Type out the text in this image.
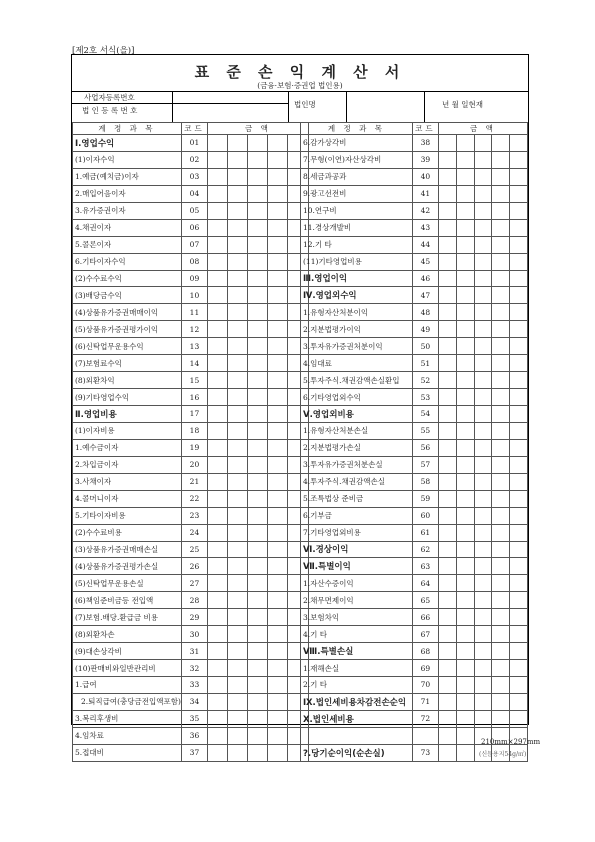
[제2호 서식(을)]
표 준 손 익 계 산 서
(금융·보험·증권업 법인용)
사업자등록번호
법 인 등 록 번 호
법인명	년 월 일현재
계 정 과 목	코드	금 액				
Ⅰ.영업수익	01					
(1)이자수익	02					
1.예금(예치금)이자	03					
2.매입어음이자	04					
3.유가증권이자	05					
4.채권이자	06					
5.콜론이자	07					
6.기타이자수익	08					
(2)수수료수익	09					
(3)배당금수익	10					
(4)상품유가증권매매이익	11					
(5)상품유가증권평가이익	12					
(6)신탁업무운용수익	13					
(7)보험료수익	14					
(8)외환차익	15					
(9)기타영업수익	16					
Ⅱ.영업비용	17					
(1)이자비용	18					
1.예수금이자	19					
2.차입금이자	20					
3.사채이자	21					
4.콜머니이자	22					
5.기타이자비용	23					
(2)수수료비용	24					
(3)상품유가증권매매손실	25					
(4)상품유가증권평가손실	26					
(5)신탁업무운용손실	27					
(6)책임준비금등 전입액	28					
(7)보험.배당.환급금 비용	29					
(8)외환차손	30					
(9)대손상각비	31					
(10)판매비와일반관리비	32					
1.급여	33					
2.퇴직급여(충당금전입액포함)	34					
3.복리후생비	35					
4.임차료	36					
5.접대비	37					
계 정 과 목	코드	금 액				
6.감가상각비	38					
7.무형(이연)자산상각비	39					
8.세금과공과	40					
9.광고선전비	41					
10.연구비	42					
11.경상개발비	43					
12.기 타	44					
(11)기타영업비용	45					
Ⅲ.영업이익	46					
Ⅳ.영업외수익	47					
1.유형자산처분이익	48					
2.지분법평가이익	49					
3.투자유가증권처분이익	50					
4.임대료	51					
5.투자주식.채권감액손실환입	52					
6.기타영업외수익	53					
Ⅴ.영업외비용	54					
1.유형자산처분손실	55					
2.지분법평가손실	56					
3.투자유가증권처분손실	57					
4.투자주식.채권감액손실	58					
5.조특법상 준비금	59					
6.기부금	60					
7.기타영업외비용	61					
Ⅵ.경상이익	62					
Ⅶ.특별이익	63					
1.자산수증이익	64					
2.채무면제이익	65					
3.보험차익	66					
4.기 타	67					
Ⅷ.특별손실	68					
1.재해손실	69					
2.기 타	70					
Ⅸ.법인세비용차감전손순익	71					
Ⅹ.법인세비용	72					

?.당기순이익(순손실)	73					
210mm×297mm
(신문용지54g/㎡)
